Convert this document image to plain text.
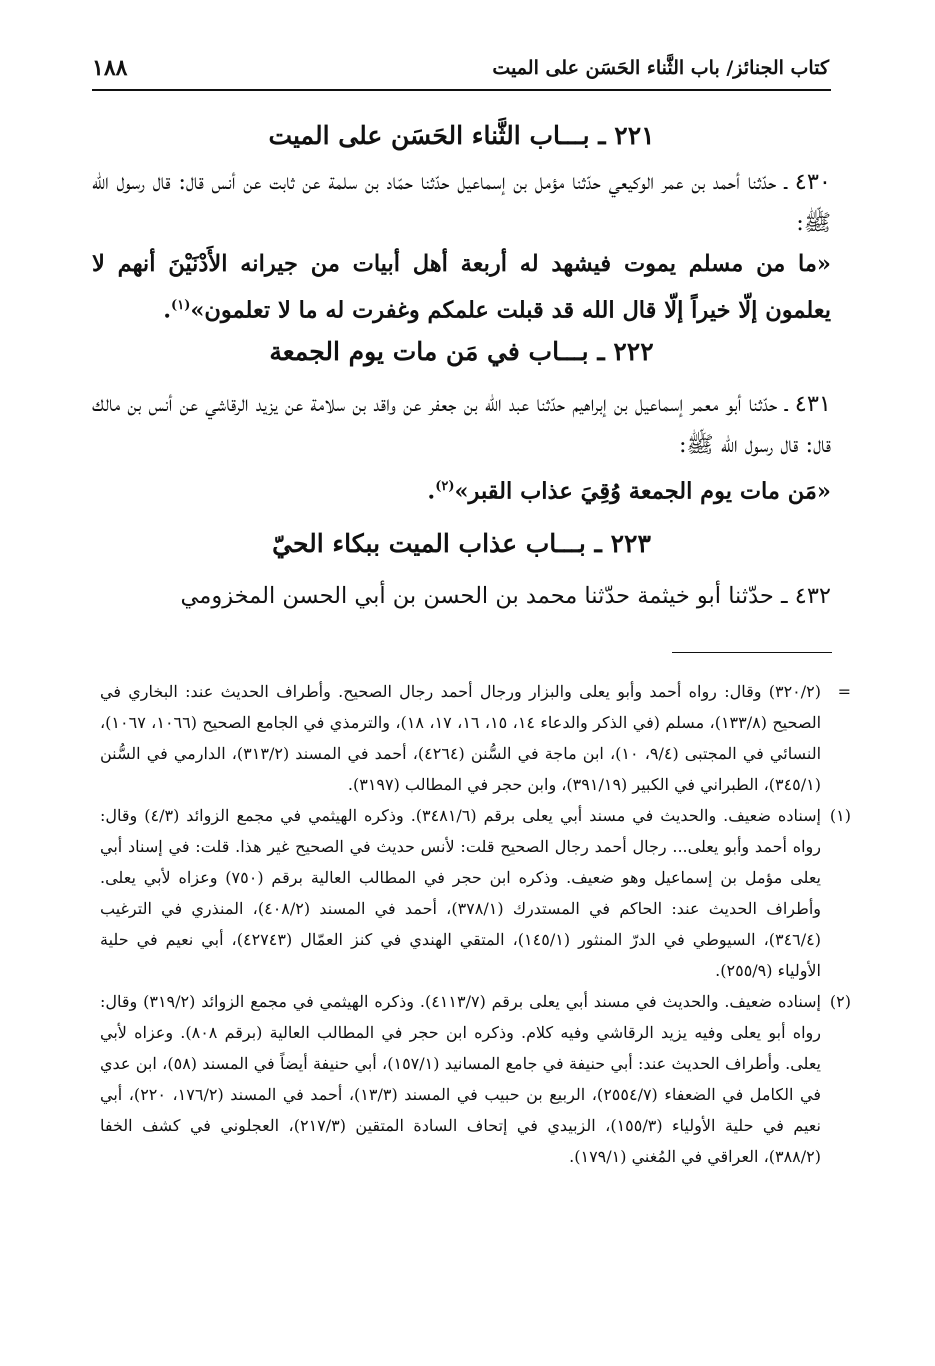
كتاب الجنائز/ باب الثَّناء الحَسَن على الميت
١٨٨

٢٢١ ـ بـــاب الثَّناء الحَسَن على الميت

٤٣٠ ـ حدّثنا أحمد بن عمر الوكيعي حدّثنا مؤمل بن إسماعيل حدّثنا حمّاد بن سلمة عن ثابت عن أنس قال: قال رسول الله ﷺ:

«ما من مسلم يموت فيشهد له أربعة أهل أبيات من جيرانه الأَدْنَيْنَ أنهم لا يعلمون إلّا خيراً إلّا قال الله قد قبلت علمكم وغفرت له ما لا تعلمون»$^{(١)}$.

٢٢٢ ـ بـــاب في مَن مات يوم الجمعة

٤٣١ ـ حدّثنا أبو معمر إسماعيل بن إبراهيم حدّثنا عبد الله بن جعفر عن واقد بن سلامة عن يزيد الرقاشي عن أنس بن مالك قال: قال رسول الله ﷺ:

«مَن مات يوم الجمعة وُقِيَ عذاب القبر»$^{(٢)}$.

٢٢٣ ـ بـــاب عذاب الميت ببكاء الحيّ

٤٣٢ ـ حدّثنا أبو خيثمة حدّثنا محمد بن الحسن بن أبي الحسن المخزومي

=
(٣٢٠/٢) وقال: رواه أحمد وأبو يعلى والبزار ورجال أحمد رجال الصحيح. وأطراف الحديث عند: البخاري في الصحيح (١٣٣/٨)، مسلم (في الذكر والدعاء ١٤، ١٥، ١٦، ١٧، ١٨)، والترمذي في الجامع الصحيح (١٠٦٦، ١٠٦٧)، النسائي في المجتبى (٩/٤، ١٠)، ابن ماجة في السُّنن (٤٢٦٤)، أحمد في المسند (٣١٣/٢)، الدارمي في السُّنن (٣٤٥/١)، الطبراني في الكبير (٣٩١/١٩)، وابن حجر في المطالب (٣١٩٧).

(١)
إسناده ضعيف. والحديث في مسند أبي يعلى برقم (٣٤٨١/٦). وذكره الهيثمي في مجمع الزوائد (٤/٣) وقال: رواه أحمد وأبو يعلى... رجال أحمد رجال الصحيح قلت: لأنس حديث في الصحيح غير هذا. قلت: في إسناد أبي يعلى مؤمل بن إسماعيل وهو ضعيف. وذكره ابن حجر في المطالب العالية برقم (٧٥٠) وعزاه لأبي يعلى. وأطراف الحديث عند: الحاكم في المستدرك (٣٧٨/١)، أحمد في المسند (٤٠٨/٢)، المنذري في الترغيب (٣٤٦/٤)، السيوطي في الدرّ المنثور (١٤٥/١)، المتقي الهندي في كنز العمّال (٤٢٧٤٣)، أبي نعيم في حلية الأولياء (٢٥٥/٩).

(٢)
إسناده ضعيف. والحديث في مسند أبي يعلى برقم (٤١١٣/٧). وذكره الهيثمي في مجمع الزوائد (٣١٩/٢) وقال: رواه أبو يعلى وفيه يزيد الرقاشي وفيه كلام. وذكره ابن حجر في المطالب العالية (برقم ٨٠٨). وعزاه لأبي يعلى. وأطراف الحديث عند: أبي حنيفة في جامع المسانيد (١٥٧/١)، أبي حنيفة أيضاً في المسند (٥٨)، ابن عدي في الكامل في الضعفاء (٢٥٥٤/٧)، الربيع بن حبيب في المسند (١٣/٣)، أحمد في المسند (١٧٦/٢، ٢٢٠)، أبي نعيم في حلية الأولياء (١٥٥/٣)، الزبيدي في إتحاف السادة المتقين (٢١٧/٣)، العجلوني في كشف الخفا (٣٨٨/٢)، العراقي في المُغني (١٧٩/١).
